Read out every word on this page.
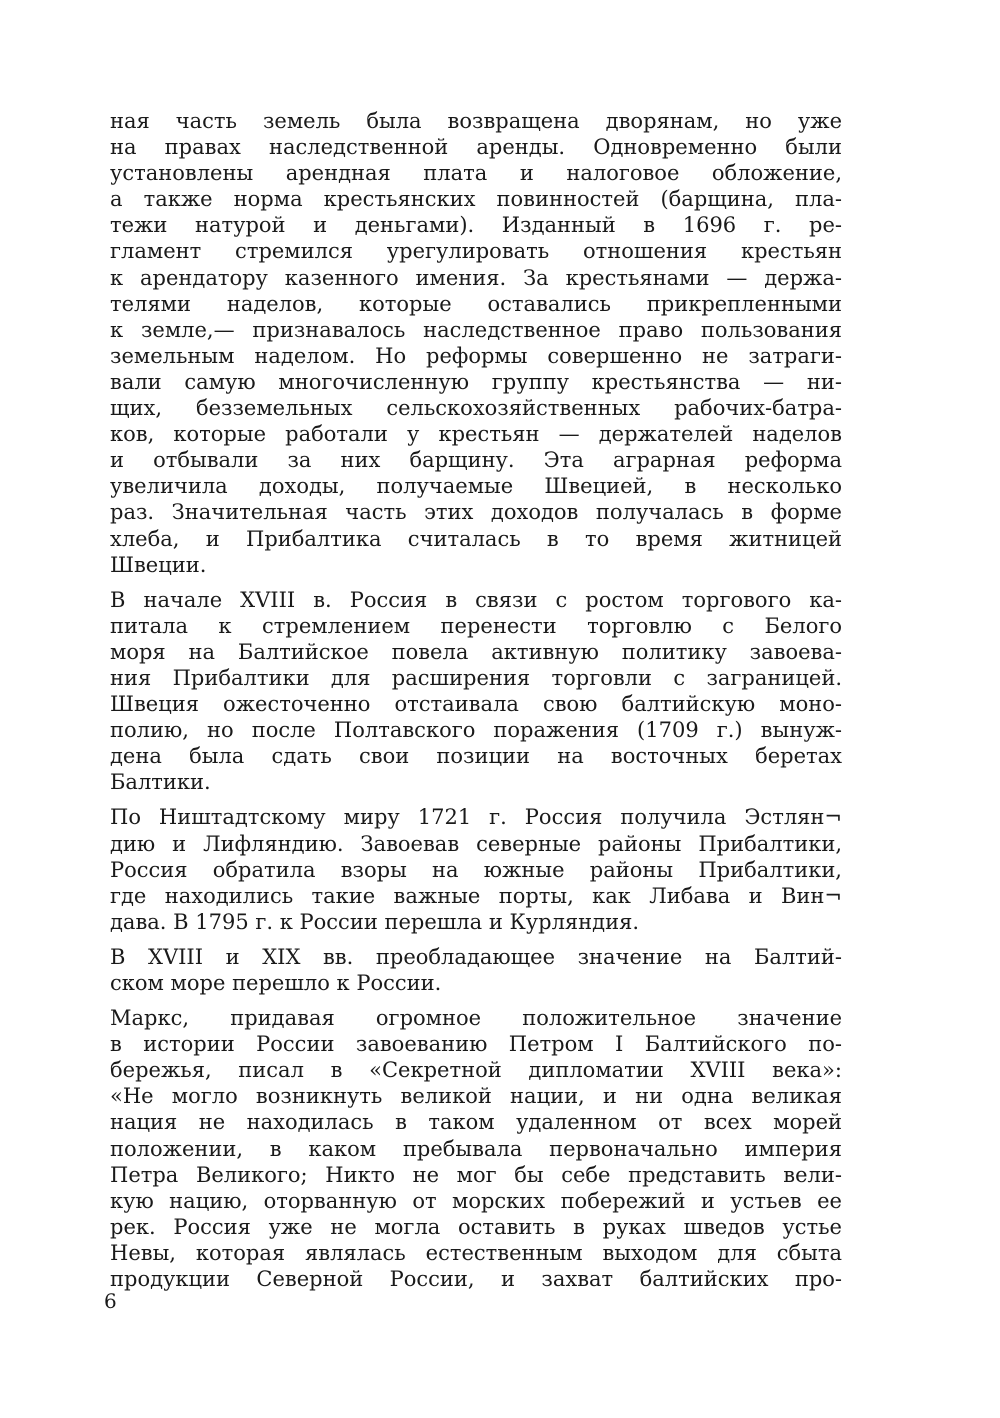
ная часть земель была возвращена дворянам, но уже
на правах наследственной аренды. Одновременно были
установлены арендная плата и налоговое обложение,
а также норма крестьянских повинностей (барщина, пла-
тежи натурой и деньгами). Изданный в 1696 г. ре-
гламент стремился урегулировать отношения крестьян
к арендатору казенного имения. За крестьянами — держа-
телями наделов, которые оставались прикрепленными
к земле,— признавалось наследственное право пользования
земельным наделом. Но реформы совершенно не затраги-
вали самую многочисленную группу крестьянства — ни-
щих, безземельных сельскохозяйственных рабочих-батра-
ков, которые работали у крестьян — держателей наделов
и отбывали за них барщину. Эта аграрная реформа
увеличила доходы, получаемые Швецией, в несколько
раз. Значительная часть этих доходов получалась в форме
хлеба, и Прибалтика считалась в то время житницей
Швеции.
В начале XVIII в. Россия в связи с ростом торгового ка-
питала к стремлением перенести торговлю с Белого
моря на Балтийское повела активную политику завоева-
ния Прибалтики для расширения торговли с заграницей.
Швеция ожесточенно отстаивала свою балтийскую моно-
полию, но после Полтавского поражения (1709 г.) вынуж-
дена была сдать свои позиции на восточных беретах
Балтики.
По Ништадтскому миру 1721 г. Россия получила Эстлян¬
дию и Лифляндию. Завоевав северные районы Прибалтики,
Россия обратила взоры на южные районы Прибалтики,
где находились такие важные порты, как Либава и Вин¬
дава. В 1795 г. к России перешла и Курляндия.
В XVIII и XIX вв. преобладающее значение на Балтий-
ском море перешло к России.
Маркс, придавая огромное положительное значение
в истории России завоеванию Петром I Балтийского по-
бережья, писал в «Секретной дипломатии XVIII века»:
«Не могло возникнуть великой нации, и ни одна великая
нация не находилась в таком удаленном от всех морей
положении, в каком пребывала первоначально империя
Петра Великого; Никто не мог бы себе представить вели-
кую нацию, оторванную от морских побережий и устьев ее
рек. Россия уже не могла оставить в руках шведов устье
Невы, которая являлась естественным выходом для сбыта
продукции Северной России, и захват балтийских про-
6
